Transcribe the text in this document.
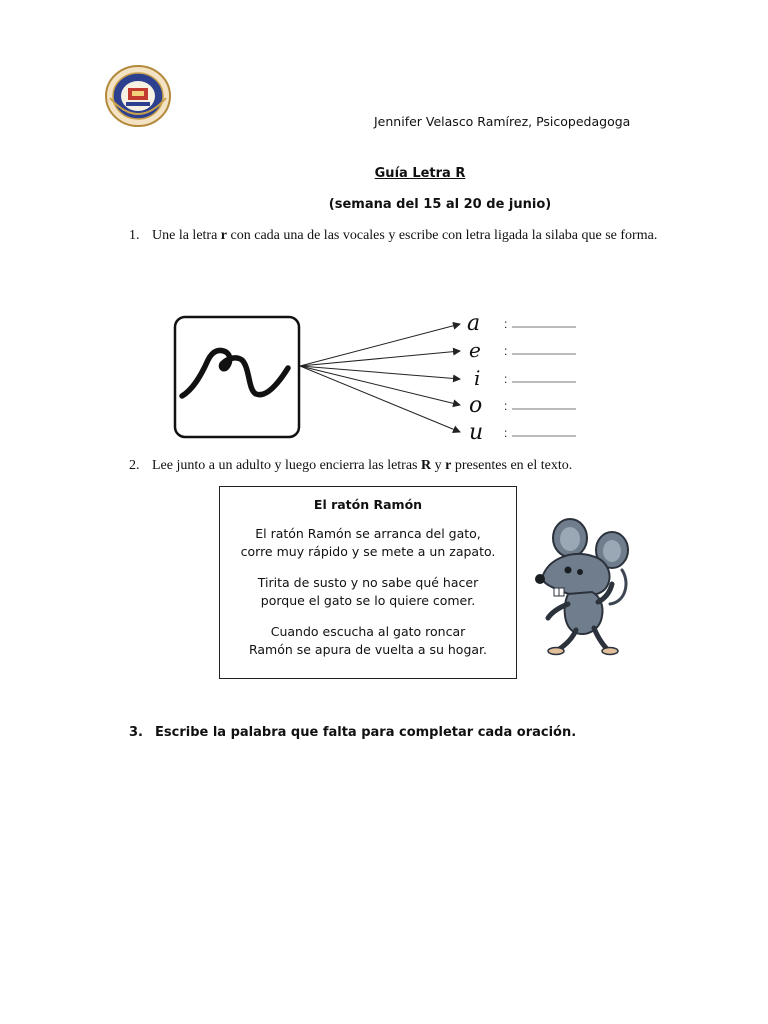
Jennifer Velasco Ramírez, Psicopedagoga
Guía Letra R
(semana del 15 al 20 de junio)
1. Une la letra r con cada una de las vocales y escribe con letra ligada la silaba que se forma.
a
e
i
o
u
:
:
:
:
:
2. Lee junto a un adulto y luego encierra las letras R y r presentes en el texto.
El ratón Ramón
El ratón Ramón se arranca del gato,
corre muy rápido y se mete a un zapato.
Tirita de susto y no sabe qué hacer
porque el gato se lo quiere comer.
Cuando escucha al gato roncar
Ramón se apura de vuelta a su hogar.
3. Escribe la palabra que falta para completar cada oración.
